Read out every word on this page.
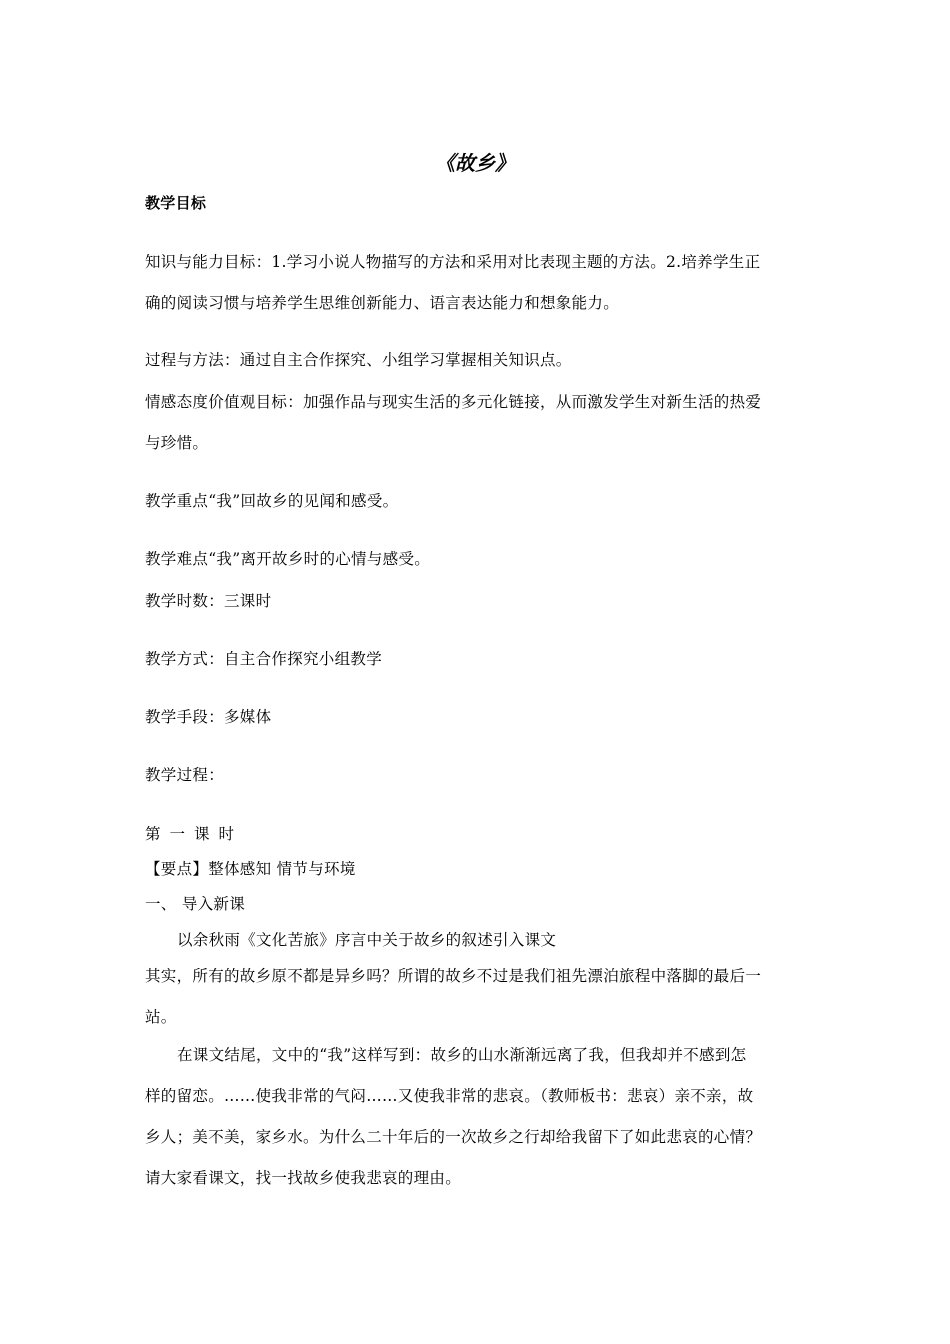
《故乡》
教学目标
知识与能力目标：1.学习小说人物描写的方法和采用对比表现主题的方法。2.培养学生正
确的阅读习惯与培养学生思维创新能力、语言表达能力和想象能力。
过程与方法：通过自主合作探究、小组学习掌握相关知识点。
情感态度价值观目标：加强作品与现实生活的多元化链接，从而激发学生对新生活的热爱
与珍惜。
教学重点“我”回故乡的见闻和感受。
教学难点“我”离开故乡时的心情与感受。
教学时数：三课时
教学方式：自主合作探究小组教学
教学手段：多媒体
教学过程：
第一课时
【要点】整体感知 情节与环境
一、 导入新课
以余秋雨《文化苦旅》序言中关于故乡的叙述引入课文
其实，所有的故乡原不都是异乡吗？所谓的故乡不过是我们祖先漂泊旅程中落脚的最后一
站。
在课文结尾，文中的“我”这样写到：故乡的山水渐渐远离了我，但我却并不感到怎
样的留恋。……使我非常的气闷……又使我非常的悲哀。（教师板书：悲哀）亲不亲，故
乡人；美不美，家乡水。为什么二十年后的一次故乡之行却给我留下了如此悲哀的心情？
请大家看课文，找一找故乡使我悲哀的理由。
